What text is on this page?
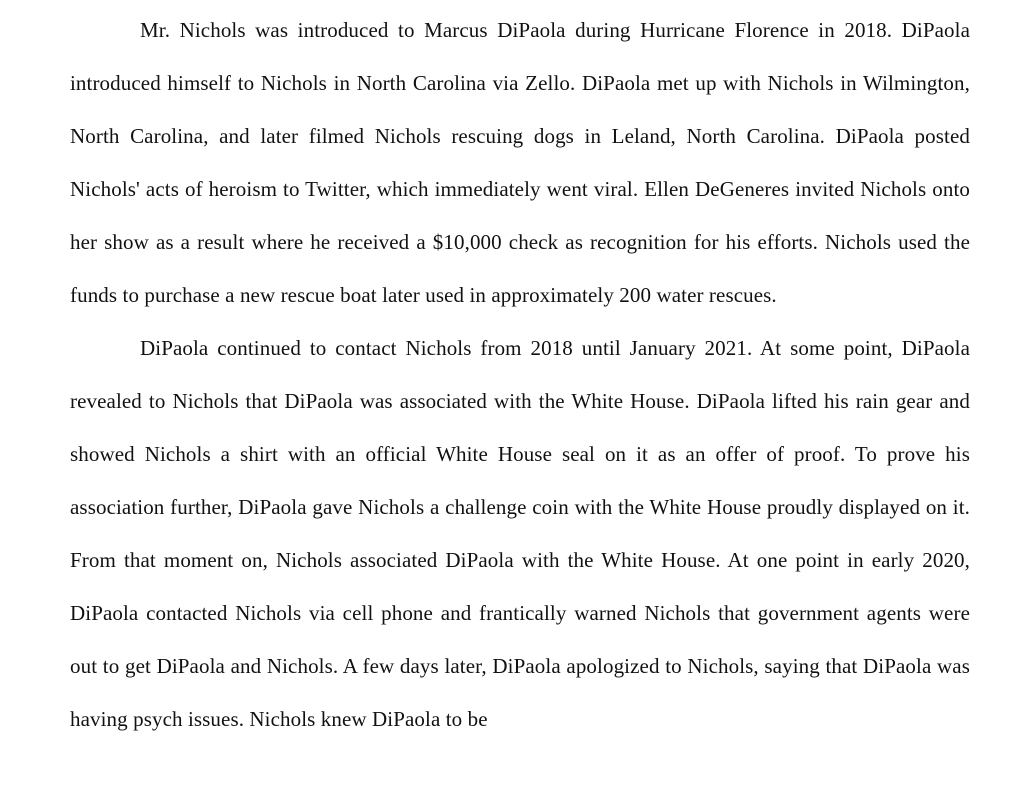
Mr. Nichols was introduced to Marcus DiPaola during Hurricane Florence in 2018. DiPaola introduced himself to Nichols in North Carolina via Zello. DiPaola met up with Nichols in Wilmington, North Carolina, and later filmed Nichols rescuing dogs in Leland, North Carolina. DiPaola posted Nichols' acts of heroism to Twitter, which immediately went viral. Ellen DeGeneres invited Nichols onto her show as a result where he received a $10,000 check as recognition for his efforts. Nichols used the funds to purchase a new rescue boat later used in approximately 200 water rescues.

DiPaola continued to contact Nichols from 2018 until January 2021. At some point, DiPaola revealed to Nichols that DiPaola was associated with the White House. DiPaola lifted his rain gear and showed Nichols a shirt with an official White House seal on it as an offer of proof. To prove his association further, DiPaola gave Nichols a challenge coin with the White House proudly displayed on it. From that moment on, Nichols associated DiPaola with the White House. At one point in early 2020, DiPaola contacted Nichols via cell phone and frantically warned Nichols that government agents were out to get DiPaola and Nichols. A few days later, DiPaola apologized to Nichols, saying that DiPaola was having psych issues. Nichols knew DiPaola to be
